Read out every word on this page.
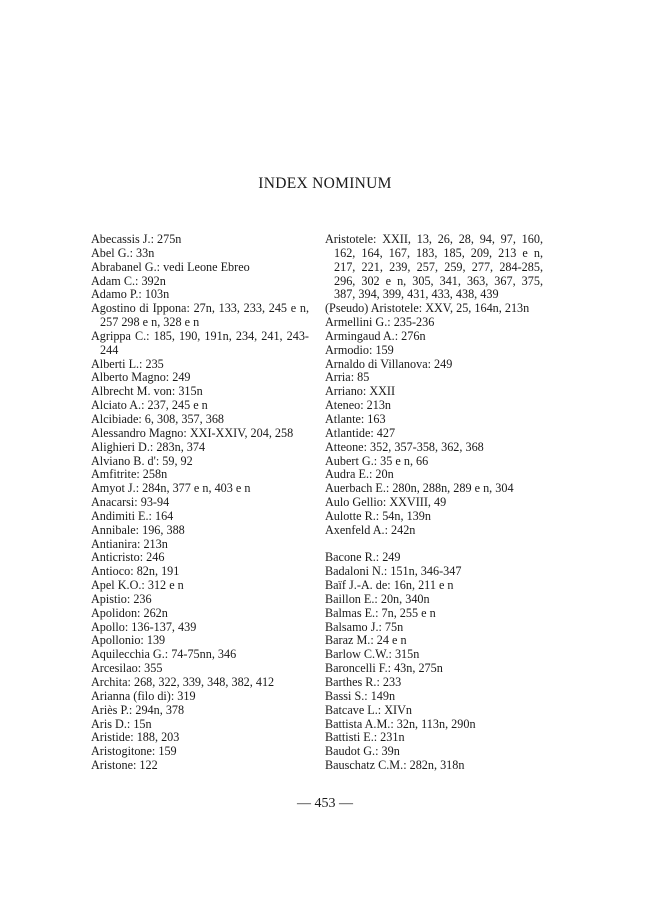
INDEX NOMINUM
Abecassis J.: 275n
Abel G.: 33n
Abrabanel G.: vedi Leone Ebreo
Adam C.: 392n
Adamo P.: 103n
Agostino di Ippona: 27n, 133, 233, 245 e n, 257 298 e n, 328 e n
Agrippa C.: 185, 190, 191n, 234, 241, 243-244
Alberti L.: 235
Alberto Magno: 249
Albrecht M. von: 315n
Alciato A.: 237, 245 e n
Alcibiade: 6, 308, 357, 368
Alessandro Magno: XXI-XXIV, 204, 258
Alighieri D.: 283n, 374
Alviano B. d': 59, 92
Amfitrite: 258n
Amyot J.: 284n, 377 e n, 403 e n
Anacarsi: 93-94
Andimiti E.: 164
Annibale: 196, 388
Antianira: 213n
Anticristo: 246
Antioco: 82n, 191
Apel K.O.: 312 e n
Apistio: 236
Apolidon: 262n
Apollo: 136-137, 439
Apollonio: 139
Aquilecchia G.: 74-75nn, 346
Arcesilao: 355
Archita: 268, 322, 339, 348, 382, 412
Arianna (filo di): 319
Ariès P.: 294n, 378
Aris D.: 15n
Aristide: 188, 203
Aristogitone: 159
Aristone: 122
Aristotele: XXII, 13, 26, 28, 94, 97, 160, 162, 164, 167, 183, 185, 209, 213 e n, 217, 221, 239, 257, 259, 277, 284-285, 296, 302 e n, 305, 341, 363, 367, 375, 387, 394, 399, 431, 433, 438, 439
(Pseudo) Aristotele: XXV, 25, 164n, 213n
Armellini G.: 235-236
Armingaud A.: 276n
Armodio: 159
Arnaldo di Villanova: 249
Arria: 85
Arriano: XXII
Ateneo: 213n
Atlante: 163
Atlantide: 427
Atteone: 352, 357-358, 362, 368
Aubert G.: 35 e n, 66
Audra E.: 20n
Auerbach E.: 280n, 288n, 289 e n, 304
Aulo Gellio: XXVIII, 49
Aulotte R.: 54n, 139n
Axenfeld A.: 242n
Bacone R.: 249
Badaloni N.: 151n, 346-347
Baïf J.-A. de: 16n, 211 e n
Baillon E.: 20n, 340n
Balmas E.: 7n, 255 e n
Balsamo J.: 75n
Baraz M.: 24 e n
Barlow C.W.: 315n
Baroncelli F.: 43n, 275n
Barthes R.: 233
Bassi S.: 149n
Batcave L.: XIVn
Battista A.M.: 32n, 113n, 290n
Battisti E.: 231n
Baudot G.: 39n
Bauschatz C.M.: 282n, 318n
— 453 —
